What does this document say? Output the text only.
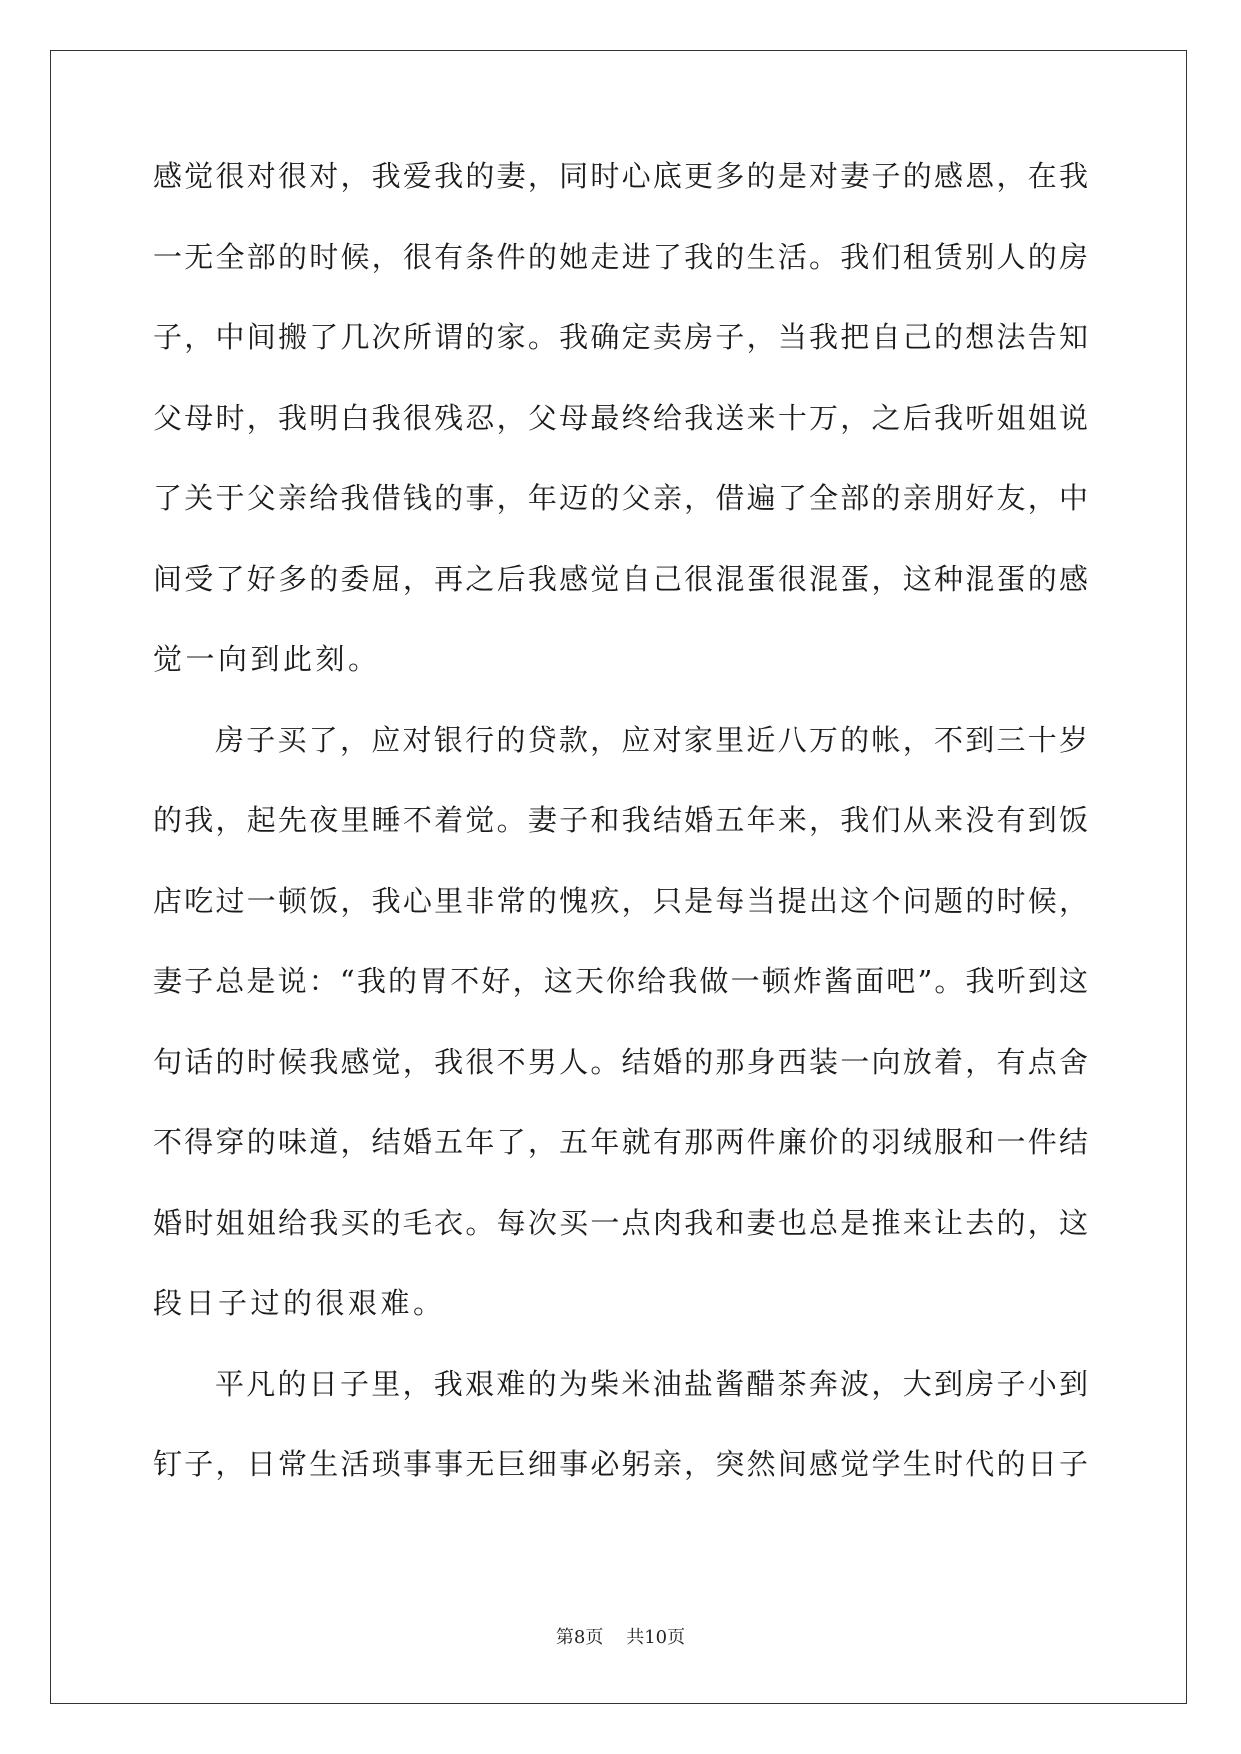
感觉很对很对，我爱我的妻，同时心底更多的是对妻子的感恩，在我
一无全部的时候，很有条件的她走进了我的生活。我们租赁别人的房
子，中间搬了几次所谓的家。我确定卖房子，当我把自己的想法告知
父母时，我明白我很残忍，父母最终给我送来十万，之后我听姐姐说
了关于父亲给我借钱的事，年迈的父亲，借遍了全部的亲朋好友，中
间受了好多的委屈，再之后我感觉自己很混蛋很混蛋，这种混蛋的感
觉一向到此刻。
房子买了，应对银行的贷款，应对家里近八万的帐，不到三十岁
的我，起先夜里睡不着觉。妻子和我结婚五年来，我们从来没有到饭
店吃过一顿饭，我心里非常的愧疚，只是每当提出这个问题的时候，
妻子总是说：“我的胃不好，这天你给我做一顿炸酱面吧”。我听到这
句话的时候我感觉，我很不男人。结婚的那身西装一向放着，有点舍
不得穿的味道，结婚五年了，五年就有那两件廉价的羽绒服和一件结
婚时姐姐给我买的毛衣。每次买一点肉我和妻也总是推来让去的，这
段日子过的很艰难。
平凡的日子里，我艰难的为柴米油盐酱醋茶奔波，大到房子小到
钉子，日常生活琐事事无巨细事必躬亲，突然间感觉学生时代的日子
第8页    共10页
